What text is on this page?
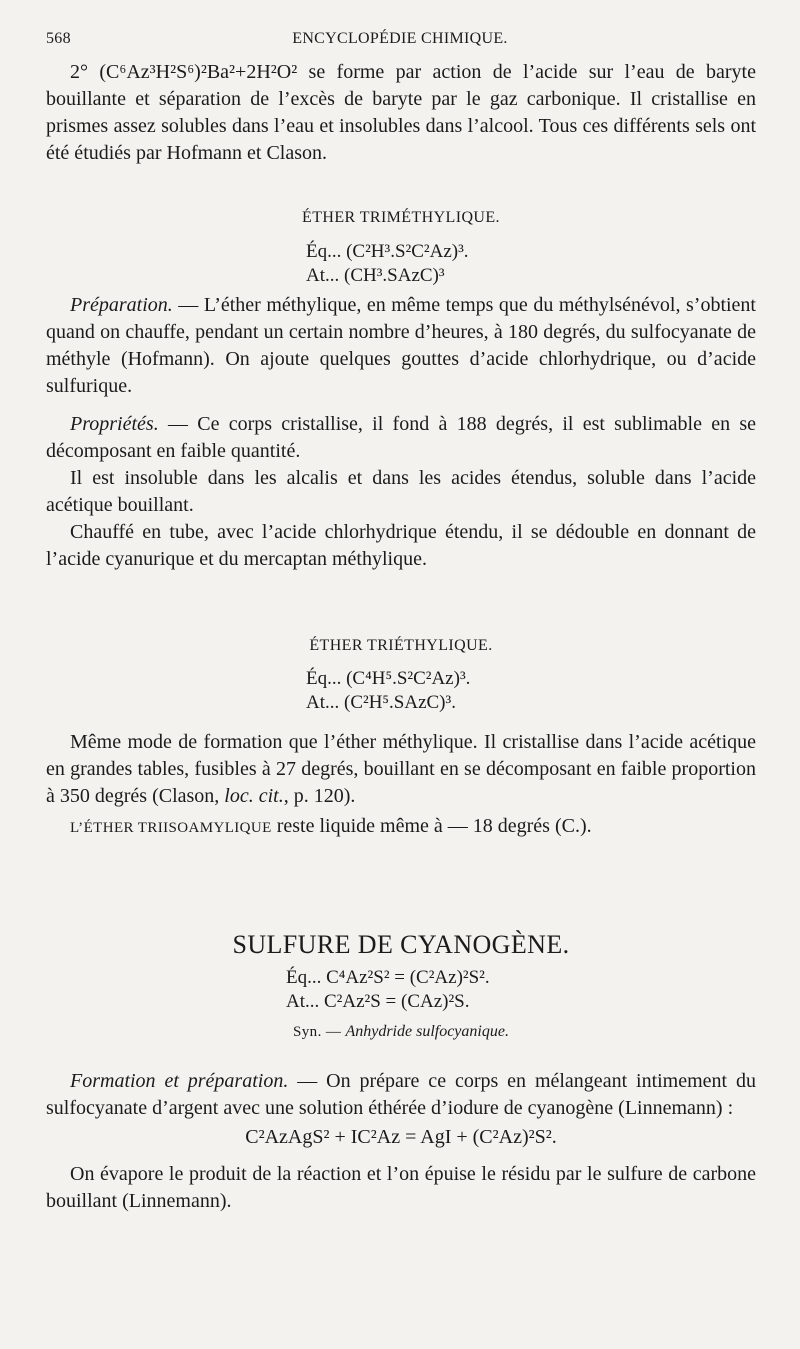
568	ENCYCLOPÉDIE CHIMIQUE.

2° (C⁶Az³H²S⁶)²Ba²+2H²O² se forme par action de l’acide sur l’eau de baryte bouillante et séparation de l’excès de baryte par le gaz carbonique. Il cristallise en prismes assez solubles dans l’eau et insolubles dans l’alcool. Tous ces différents sels ont été étudiés par Hofmann et Clason.

ÉTHER TRIMÉTHYLIQUE.

Éq... (C²H³.S²C²Az)³.
At... (CH³.SAzC)³

Préparation. — L’éther méthylique, en même temps que du méthylsénévol, s’obtient quand on chauffe, pendant un certain nombre d’heures, à 180 degrés, du sulfocyanate de méthyle (Hofmann). On ajoute quelques gouttes d’acide chlorhydrique, ou d’acide sulfurique.

Propriétés. — Ce corps cristallise, il fond à 188 degrés, il est sublimable en se décomposant en faible quantité.

Il est insoluble dans les alcalis et dans les acides étendus, soluble dans l’acide acétique bouillant.

Chauffé en tube, avec l’acide chlorhydrique étendu, il se dédouble en donnant de l’acide cyanurique et du mercaptan méthylique.

ÉTHER TRIÉTHYLIQUE.

Éq... (C⁴H⁵.S²C²Az)³.
At... (C²H⁵.SAzC)³.

Même mode de formation que l’éther méthylique. Il cristallise dans l’acide acétique en grandes tables, fusibles à 27 degrés, bouillant en se décomposant en faible proportion à 350 degrés (Clason, loc. cit., p. 120).

L’ÉTHER TRIISOAMYLIQUE reste liquide même à — 18 degrés (C.).

SULFURE DE CYANOGÈNE.

Éq... C⁴Az²S² = (C²Az)²S².
At... C²Az²S = (CAz)²S.

Syn. — Anhydride sulfocyanique.

Formation et préparation. — On prépare ce corps en mélangeant intimement du sulfocyanate d’argent avec une solution éthérée d’iodure de cyanogène (Linnemann) :

C²AzAgS² + IC²Az = AgI + (C²Az)²S².

On évapore le produit de la réaction et l’on épuise le résidu par le sulfure de carbone bouillant (Linnemann).
